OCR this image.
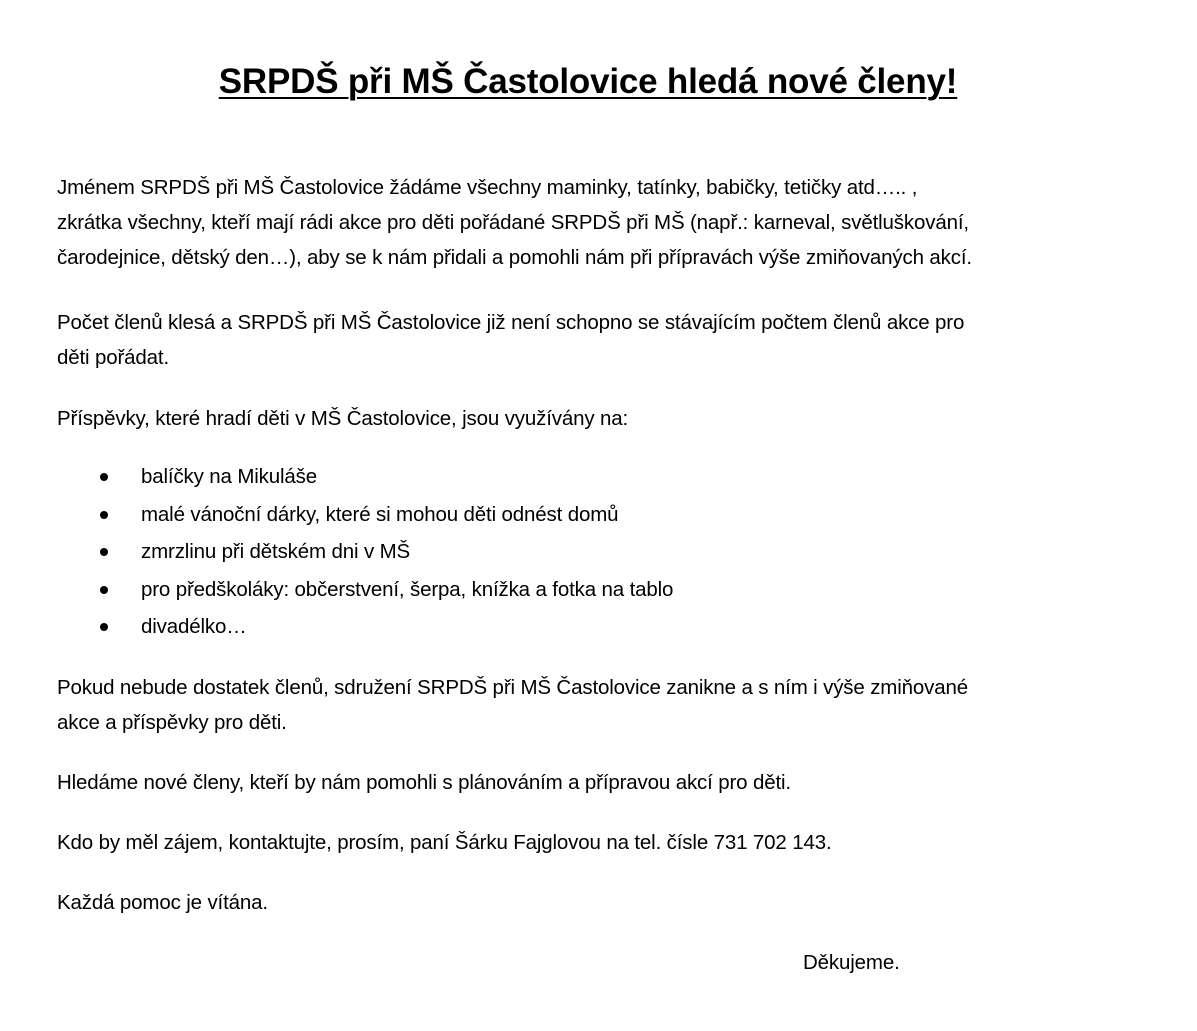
SRPDŠ při MŠ Častolovice hledá nové členy!

Jménem SRPDŠ při MŠ Častolovice žádáme všechny maminky, tatínky, babičky, tetičky atd….. ,
zkrátka všechny, kteří mají rádi akce pro děti pořádané SRPDŠ při MŠ (např.: karneval, světluškování,
čarodejnice, dětský den…), aby se k nám přidali a pomohli nám při přípravách výše zmiňovaných akcí.

Počet členů klesá a SRPDŠ při MŠ Častolovice již není schopno se stávajícím počtem členů akce pro
děti pořádat.

Příspěvky, které hradí děti v MŠ Častolovice, jsou využívány na:

balíčky na Mikuláše
malé vánoční dárky, které si mohou děti odnést domů
zmrzlinu při dětském dni v MŠ
pro předškoláky: občerstvení, šerpa, knížka a fotka na tablo
divadélko…

Pokud nebude dostatek členů, sdružení SRPDŠ při MŠ Častolovice zanikne a s ním i výše zmiňované
akce a příspěvky pro děti.

Hledáme nové členy, kteří by nám pomohli s plánováním a přípravou akcí pro děti.

Kdo by měl zájem, kontaktujte, prosím, paní Šárku Fajglovou na tel. čísle 731 702 143.

Každá pomoc je vítána.

Děkujeme.
